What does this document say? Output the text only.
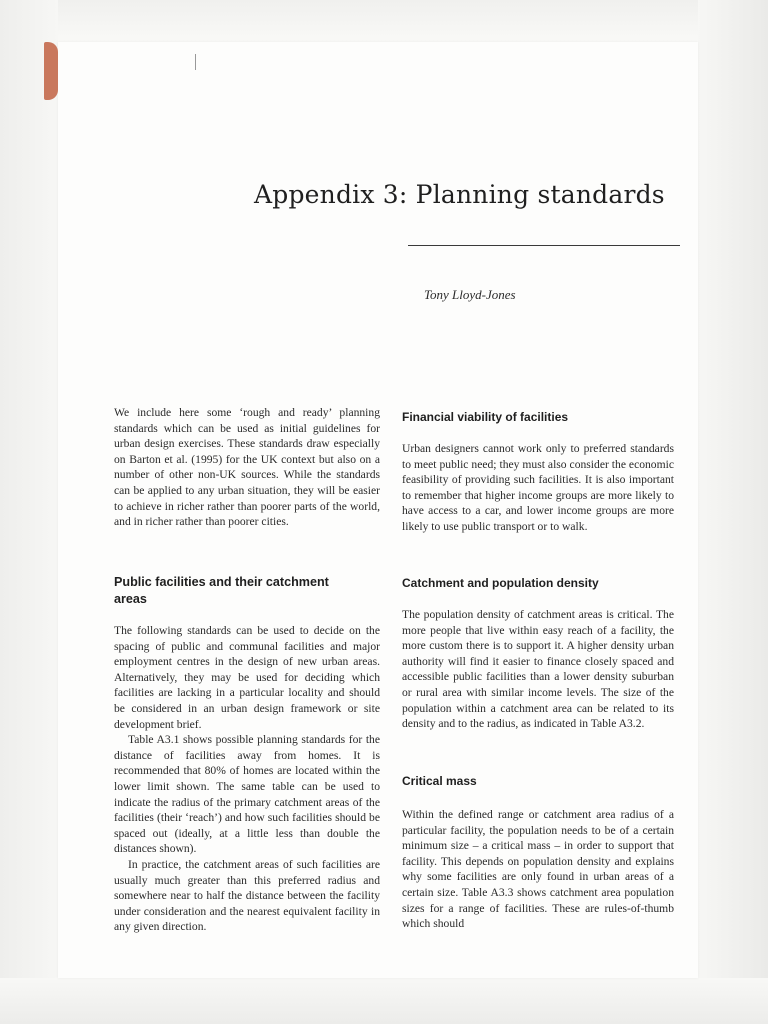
Appendix 3: Planning standards
Tony Lloyd-Jones

We include here some ‘rough and ready’ planning standards which can be used as initial guidelines for urban design exercises. These standards draw especially on Barton et al. (1995) for the UK context but also on a number of other non-UK sources. While the standards can be applied to any urban situation, they will be easier to achieve in richer rather than poorer parts of the world, and in richer rather than poorer cities.

Public facilities and their catchment areas

The following standards can be used to decide on the spacing of public and communal facilities and major employment centres in the design of new urban areas. Alternatively, they may be used for deciding which facilities are lacking in a particular locality and should be considered in an urban design framework or site development brief.

Table A3.1 shows possible planning standards for the distance of facilities away from homes. It is recommended that 80% of homes are located within the lower limit shown. The same table can be used to indicate the radius of the primary catchment areas of the facilities (their ‘reach’) and how such facilities should be spaced out (ideally, at a little less than double the distances shown).

In practice, the catchment areas of such facilities are usually much greater than this preferred radius and somewhere near to half the distance between the facility under consideration and the nearest equivalent facility in any given direction.

Financial viability of facilities

Urban designers cannot work only to preferred standards to meet public need; they must also consider the economic feasibility of providing such facilities. It is also important to remember that higher income groups are more likely to have access to a car, and lower income groups are more likely to use public transport or to walk.

Catchment and population density

The population density of catchment areas is critical. The more people that live within easy reach of a facility, the more custom there is to support it. A higher density urban authority will find it easier to finance closely spaced and accessible public facilities than a lower density suburban or rural area with similar income levels. The size of the population within a catchment area can be related to its density and to the radius, as indicated in Table A3.2.

Critical mass

Within the defined range or catchment area radius of a particular facility, the population needs to be of a certain minimum size – a critical mass – in order to support that facility. This depends on population density and explains why some facilities are only found in urban areas of a certain size. Table A3.3 shows catchment area population sizes for a range of facilities. These are rules-of-thumb which should
